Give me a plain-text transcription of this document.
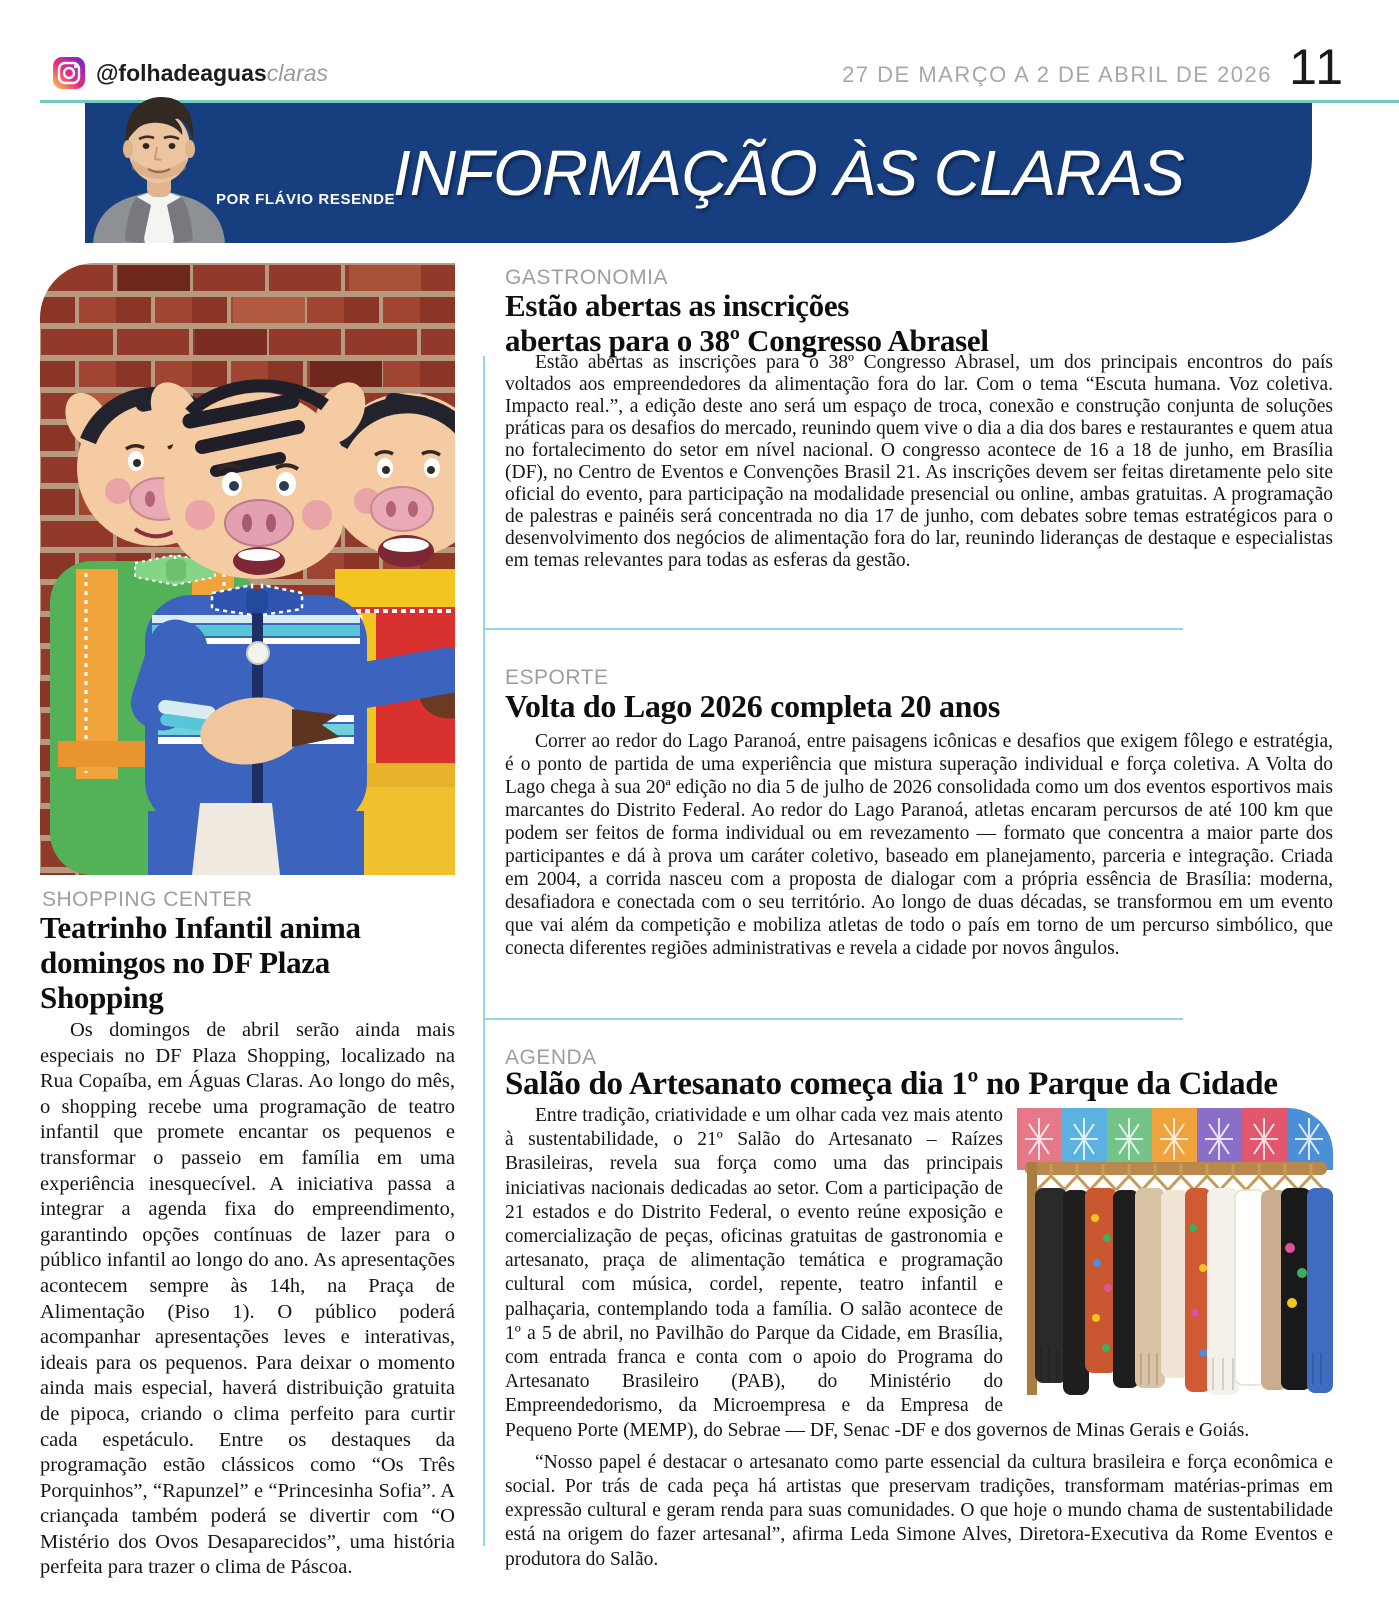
@folhadeaguasclaras	27 DE MARÇO A 2 DE ABRIL DE 2026 11
POR FLÁVIO RESENDE
INFORMAÇÃO ÀS CLARAS
SHOPPING CENTER
Teatrinho Infantil anima domingos no DF Plaza Shopping

Os domingos de abril serão ainda mais especiais no DF Plaza Shopping, localizado na Rua Copaíba, em Águas Claras. Ao longo do mês, o shopping recebe uma programação de teatro infantil que promete encantar os pequenos e transformar o passeio em família em uma experiência inesquecível. A iniciativa passa a integrar a agenda fixa do empreendimento, garantindo opções contínuas de lazer para o público infantil ao longo do ano. As apresentações acontecem sempre às 14h, na Praça de Alimentação (Piso 1). O público poderá acompanhar apresentações leves e interativas, ideais para os pequenos. Para deixar o momento ainda mais especial, haverá distribuição gratuita de pipoca, criando o clima perfeito para curtir cada espetáculo. Entre os destaques da programação estão clássicos como “Os Três Porquinhos”, “Rapunzel” e “Princesinha Sofia”. A criançada também poderá se divertir com “O Mistério dos Ovos Desaparecidos”, uma história perfeita para trazer o clima de Páscoa.

GASTRONOMIA
Estão abertas as inscrições
abertas para o 38º Congresso Abrasel

Estão abertas as inscrições para o 38º Congresso Abrasel, um dos principais encontros do país voltados aos empreendedores da alimentação fora do lar. Com o tema “Escuta humana. Voz coletiva. Impacto real.”, a edição deste ano será um espaço de troca, conexão e construção conjunta de soluções práticas para os desafios do mercado, reunindo quem vive o dia a dia dos bares e restaurantes e quem atua no fortalecimento do setor em nível nacional. O congresso acontece de 16 a 18 de junho, em Brasília (DF), no Centro de Eventos e Convenções Brasil 21. As inscrições devem ser feitas diretamente pelo site oficial do evento, para participação na modalidade presencial ou online, ambas gratuitas. A programação de palestras e painéis será concentrada no dia 17 de junho, com debates sobre temas estratégicos para o desenvolvimento dos negócios de alimentação fora do lar, reunindo lideranças de destaque e especialistas em temas relevantes para todas as esferas da gestão.

ESPORTE
Volta do Lago 2026 completa 20 anos

Correr ao redor do Lago Paranoá, entre paisagens icônicas e desafios que exigem fôlego e estratégia, é o ponto de partida de uma experiência que mistura superação individual e força coletiva. A Volta do Lago chega à sua 20ª edição no dia 5 de julho de 2026 consolidada como um dos eventos esportivos mais marcantes do Distrito Federal. Ao redor do Lago Paranoá, atletas encaram percursos de até 100 km que podem ser feitos de forma individual ou em revezamento — formato que concentra a maior parte dos participantes e dá à prova um caráter coletivo, baseado em planejamento, parceria e integração. Criada em 2004, a corrida nasceu com a proposta de dialogar com a própria essência de Brasília: moderna, desafiadora e conectada com o seu território. Ao longo de duas décadas, se transformou em um evento que vai além da competição e mobiliza atletas de todo o país em torno de um percurso simbólico, que conecta diferentes regiões administrativas e revela a cidade por novos ângulos.

AGENDA
Salão do Artesanato começa dia 1º no Parque da Cidade

Entre tradição, criatividade e um olhar cada vez mais atento à sustentabilidade, o 21º Salão do Artesanato – Raízes Brasileiras, revela sua força como uma das principais iniciativas nacionais dedicadas ao setor. Com a participação de 21 estados e do Distrito Federal, o evento reúne exposição e comercialização de peças, oficinas gratuitas de gastronomia e artesanato, praça de alimentação temática e programação cultural com música, cordel, repente, teatro infantil e palhaçaria, contemplando toda a família. O salão acontece de 1º a 5 de abril, no Pavilhão do Parque da Cidade, em Brasília, com entrada franca e conta com o apoio do Programa do Artesanato Brasileiro (PAB), do Ministério do Empreendedorismo, da Microempresa e da Empresa de Pequeno Porte (MEMP), do Sebrae — DF, Senac -DF e dos governos de Minas Gerais e Goiás.

“Nosso papel é destacar o artesanato como parte essencial da cultura brasileira e força econômica e social. Por trás de cada peça há artistas que preservam tradições, transformam matérias-primas em expressão cultural e geram renda para suas comunidades. O que hoje o mundo chama de sustentabilidade está na origem do fazer artesanal”, afirma Leda Simone Alves, Diretora-Executiva da Rome Eventos e produtora do Salão.
